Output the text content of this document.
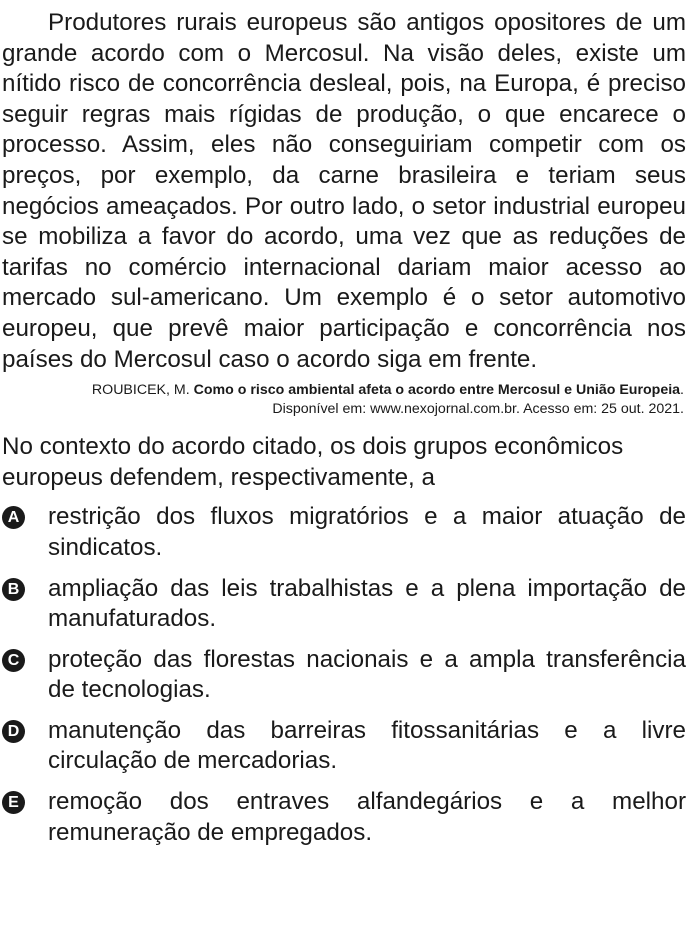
Produtores rurais europeus são antigos opositores de um grande acordo com o Mercosul. Na visão deles, existe um nítido risco de concorrência desleal, pois, na Europa, é preciso seguir regras mais rígidas de produção, o que encarece o processo. Assim, eles não conseguiriam competir com os preços, por exemplo, da carne brasileira e teriam seus negócios ameaçados. Por outro lado, o setor industrial europeu se mobiliza a favor do acordo, uma vez que as reduções de tarifas no comércio internacional dariam maior acesso ao mercado sul-americano. Um exemplo é o setor automotivo europeu, que prevê maior participação e concorrência nos países do Mercosul caso o acordo siga em frente.

ROUBICEK, M. Como o risco ambiental afeta o acordo entre Mercosul e União Europeia.
Disponível em: www.nexojornal.com.br. Acesso em: 25 out. 2021.

No contexto do acordo citado, os dois grupos econômicos europeus defendem, respectivamente, a

A restrição dos fluxos migratórios e a maior atuação de sindicatos.
B ampliação das leis trabalhistas e a plena importação de manufaturados.
C proteção das florestas nacionais e a ampla transferência de tecnologias.
D manutenção das barreiras fitossanitárias e a livre circulação de mercadorias.
E remoção dos entraves alfandegários e a melhor remuneração de empregados.
